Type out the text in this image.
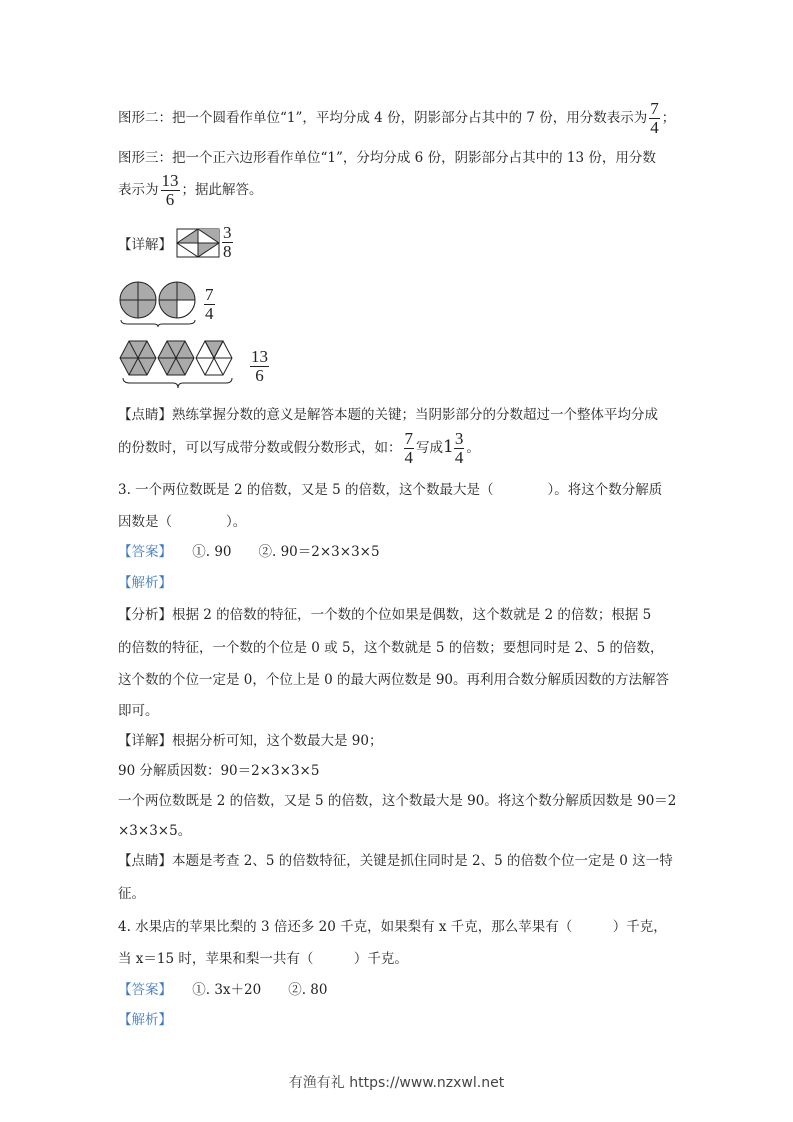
图形二：把一个圆看作单位“1”，平均分成 4 份，阴影部分占其中的 7 份，用分数表示为 $\frac{7}{4}$ ；
图形三：把一个正六边形看作单位“1”，分均分成 6 份，阴影部分占其中的 13 份，用分数
表示为 $\frac{13}{6}$ ；据此解答。
【详解】	$\frac{3}{8}$
$\frac{7}{4}$
$\frac{13}{6}$
【点睛】熟练掌握分数的意义是解答本题的关键；当阴影部分的分数超过一个整体平均分成
的份数时，可以写成带分数或假分数形式，如： $\frac{7}{4}$ 写成$1 \frac{3}{4}$ 。
3. 一个两位数既是 2 的倍数，又是 5 的倍数，这个数最大是（　　　　）。将这个数分解质
因数是（　　　　）。
【答案】　　 ①. 90　　②. 90＝2×3×3×5
【解析】
【分析】根据 2 的倍数的特征，一个数的个位如果是偶数，这个数就是 2 的倍数；根据 5
的倍数的特征，一个数的个位是 0 或 5，这个数就是 5 的倍数；要想同时是 2、5 的倍数，
这个数的个位一定是 0，个位上是 0 的最大两位数是 90。再利用合数分解质因数的方法解答
即可。
【详解】根据分析可知，这个数最大是 90；
90 分解质因数：90＝2×3×3×5
一个两位数既是 2 的倍数，又是 5 的倍数，这个数最大是 90。将这个数分解质因数是 90＝2
×3×3×5。
【点睛】本题是考查 2、5 的倍数特征，关键是抓住同时是 2、5 的倍数个位一定是 0 这一特
征。
4. 水果店的苹果比梨的 3 倍还多 20 千克，如果梨有 x 千克，那么苹果有（　　　）千克，
当 x＝15 时，苹果和梨一共有（　　　）千克。
【答案】　　 ①. 3x＋20　　②. 80
【解析】
有渔有礼 https://www.nzxwl.net
